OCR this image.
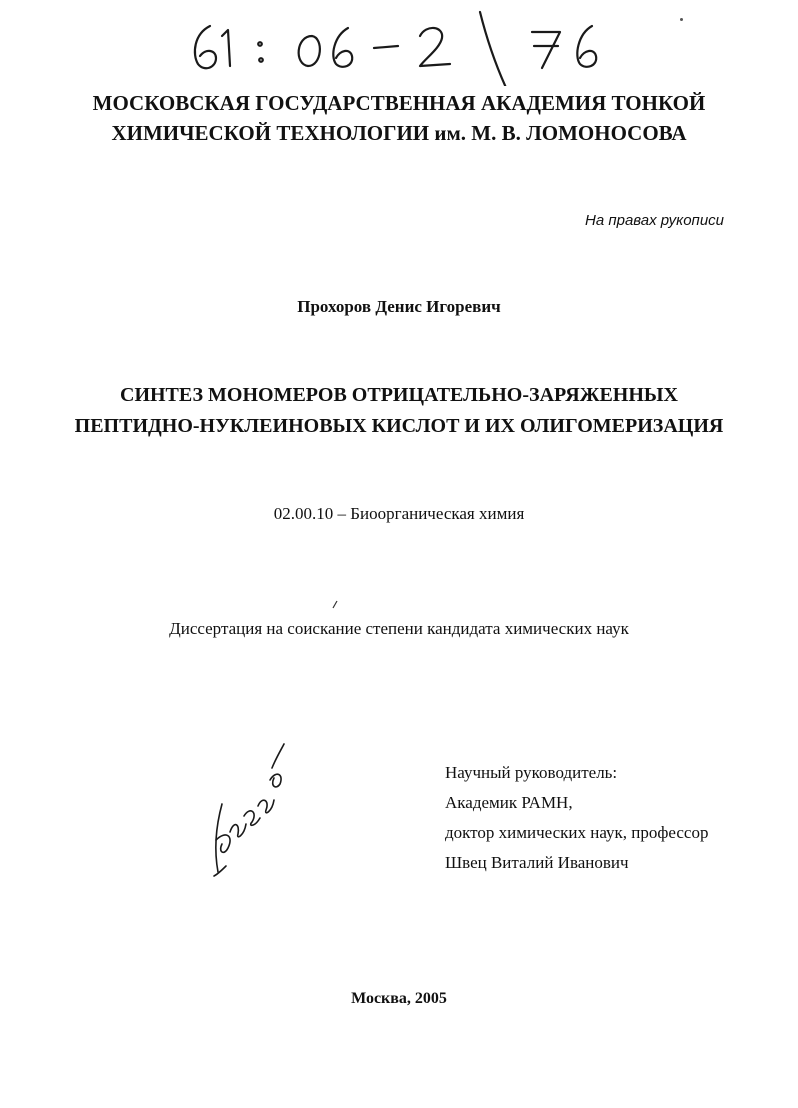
МОСКОВСКАЯ ГОСУДАРСТВЕННАЯ АКАДЕМИЯ ТОНКОЙ
ХИМИЧЕСКОЙ ТЕХНОЛОГИИ им. М. В. ЛОМОНОСОВА
На правах рукописи
Прохоров Денис Игоревич
СИНТЕЗ МОНОМЕРОВ ОТРИЦАТЕЛЬНО-ЗАРЯЖЕННЫХ
ПЕПТИДНО-НУКЛЕИНОВЫХ КИСЛОТ И ИХ ОЛИГОМЕРИЗАЦИЯ
02.00.10 – Биоорганическая химия
Диссертация на соискание степени кандидата химических наук
Научный руководитель:
Академик РАМН,
доктор химических наук, профессор
Швец Виталий Иванович
Москва, 2005
